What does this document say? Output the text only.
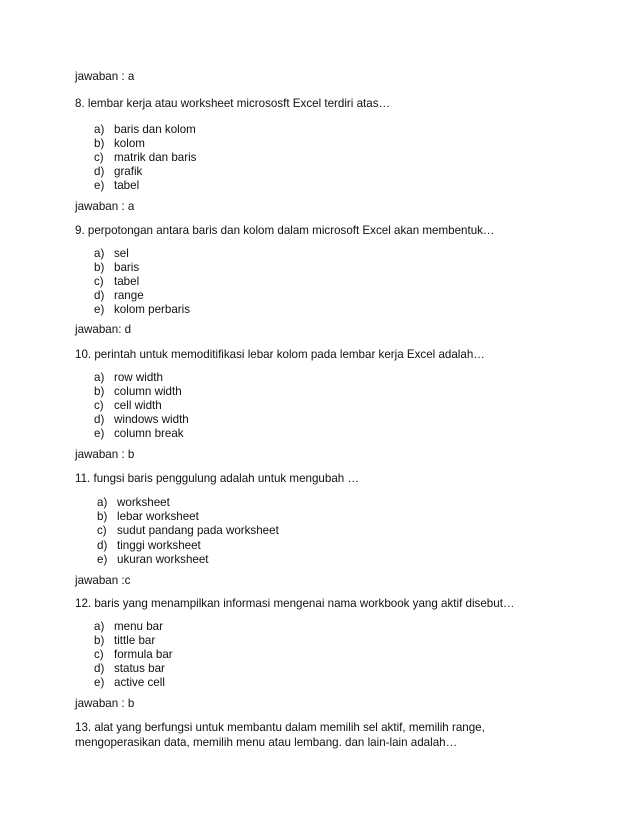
jawaban : a
8. lembar kerja atau worksheet micrososft Excel terdiri atas…
a) baris dan kolom
b) kolom
c) matrik dan baris
d) grafik
e) tabel
jawaban : a
9. perpotongan antara baris dan kolom dalam microsoft Excel akan membentuk…
a) sel
b) baris
c) tabel
d) range
e) kolom perbaris
jawaban: d
10. perintah untuk memoditifikasi lebar kolom pada lembar kerja Excel adalah…
a) row width
b) column width
c) cell width
d) windows width
e) column break
jawaban : b
11. fungsi baris penggulung adalah untuk mengubah …
a) worksheet
b) lebar worksheet
c) sudut pandang pada worksheet
d) tinggi worksheet
e) ukuran worksheet
jawaban :c
12. baris yang menampilkan informasi mengenai nama workbook yang aktif disebut…
a) menu bar
b) tittle bar
c) formula bar
d) status bar
e) active cell
jawaban : b
13. alat yang berfungsi untuk membantu dalam memilih sel aktif, memilih range,
mengoperasikan data, memilih menu atau lembang. dan lain-lain adalah…
